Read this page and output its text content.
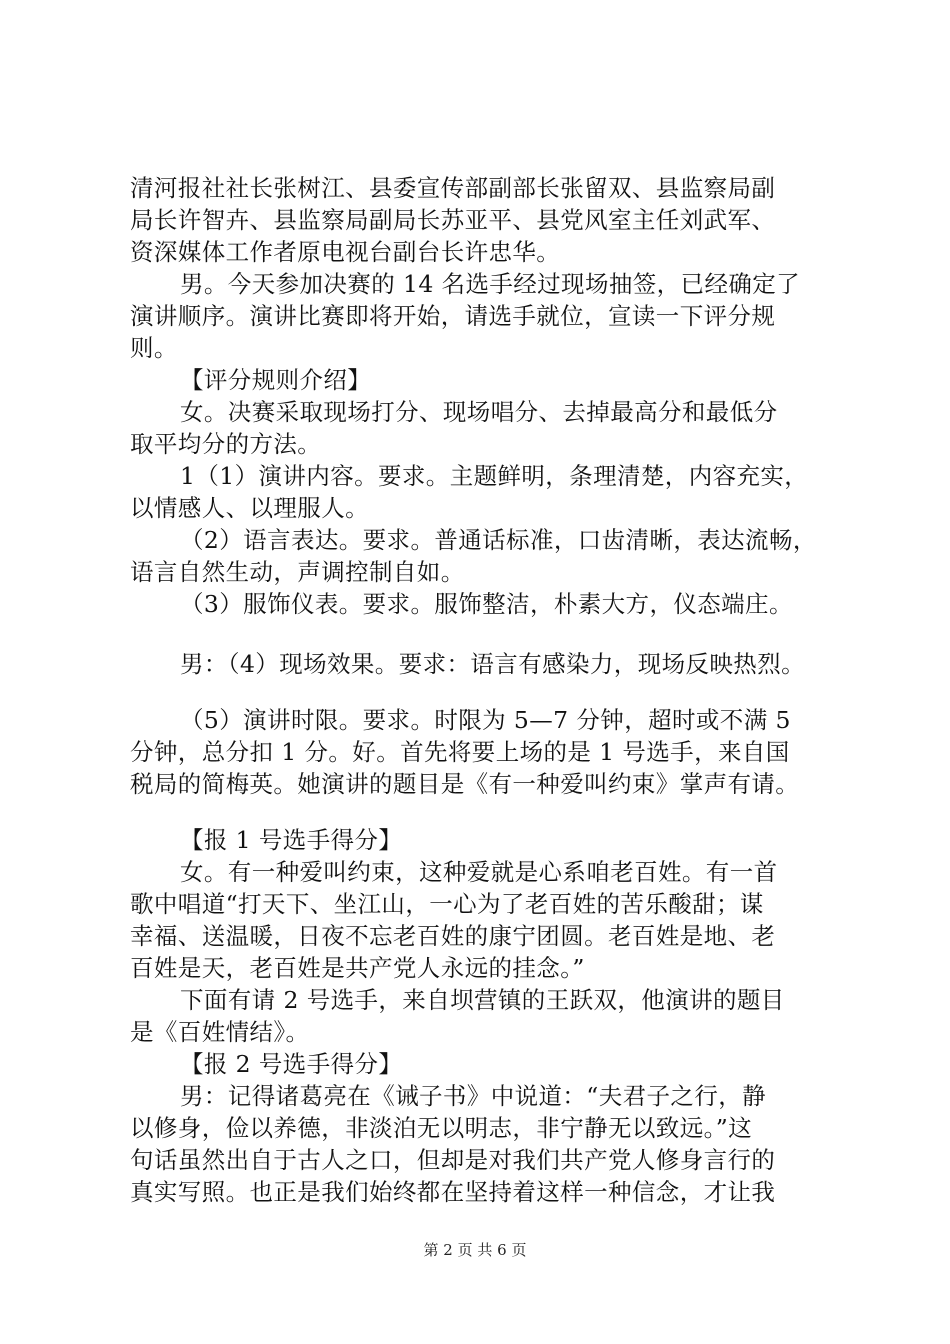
清河报社社长张树江、县委宣传部副部长张留双、县监察局副
局长许智卉、县监察局副局长苏亚平、县党风室主任刘武军、
资深媒体工作者原电视台副台长许忠华。
男。今天参加决赛的 14 名选手经过现场抽签，已经确定了
演讲顺序。演讲比赛即将开始，请选手就位，宣读一下评分规
则。
【评分规则介绍】
女。决赛采取现场打分、现场唱分、去掉最高分和最低分
取平均分的方法。
1（1）演讲内容。要求。主题鲜明，条理清楚，内容充实，
以情感人、以理服人。
（2）语言表达。要求。普通话标准，口齿清晰，表达流畅，
语言自然生动，声调控制自如。
（3）服饰仪表。要求。服饰整洁，朴素大方，仪态端庄。
男：（4）现场效果。要求：语言有感染力，现场反映热烈。
（5）演讲时限。要求。时限为 5—7 分钟，超时或不满 5
分钟，总分扣 1 分。好。首先将要上场的是 1 号选手，来自国
税局的简梅英。她演讲的题目是《有一种爱叫约束》掌声有请。
【报 1 号选手得分】
女。有一种爱叫约束，这种爱就是心系咱老百姓。有一首
歌中唱道“打天下、坐江山，一心为了老百姓的苦乐酸甜；谋
幸福、送温暖，日夜不忘老百姓的康宁团圆。老百姓是地、老
百姓是天，老百姓是共产党人永远的挂念。”
下面有请 2 号选手，来自坝营镇的王跃双，他演讲的题目
是《百姓情结》。
【报 2 号选手得分】
男：记得诸葛亮在《诫子书》中说道：“夫君子之行，静
以修身，俭以养德，非淡泊无以明志，非宁静无以致远。”这
句话虽然出自于古人之口，但却是对我们共产党人修身言行的
真实写照。也正是我们始终都在坚持着这样一种信念，才让我
第 2 页 共 6 页
